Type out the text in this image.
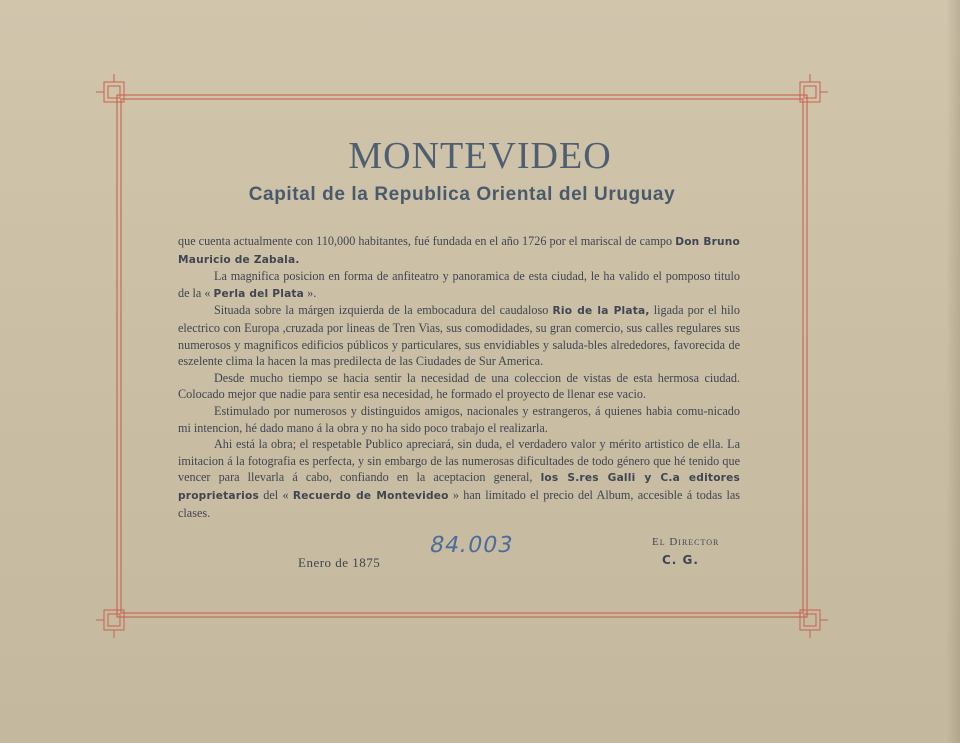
MONTEVIDEO
Capital de la Republica Oriental del Uruguay

que cuenta actualmente con 110,000 habitantes, fué fundada en el año 1726 por el mariscal de campo Don Bruno Mauricio de Zabala.

La magnifica posicion en forma de anfiteatro y panoramica de esta ciudad, le ha valido el pomposo titulo de la « Perla del Plata ».

Situada sobre la márgen izquierda de la embocadura del caudaloso Rio de la Plata, ligada por el hilo electrico con Europa ,cruzada por lineas de Tren Vias, sus comodidades, su gran comercio, sus calles regulares sus numerosos y magnificos edificios públicos y particulares, sus envidiables y saluda-bles alrededores, favorecida de eszelente clima la hacen la mas predilecta de las Ciudades de Sur America.

Desde mucho tiempo se hacia sentir la necesidad de una coleccion de vistas de esta hermosa ciudad. Colocado mejor que nadie para sentir esa necesidad, he formado el proyecto de llenar ese vacio.

Estimulado por numerosos y distinguidos amigos, nacionales y estrangeros, á quienes habia comu-nicado mi intencion, hé dado mano á la obra y no ha sido poco trabajo el realizarla.

Ahi está la obra; el respetable Publico apreciará, sin duda, el verdadero valor y mérito artistico de ella. La imitacion á la fotografia es perfecta, y sin embargo de las numerosas dificultades de todo género que hé tenido que vencer para llevarla á cabo, confiando en la aceptacion general, los S.res Galli y C.a editores proprietarios del « Recuerdo de Montevideo » han limitado el precio del Album, accesible á todas las clases.

Enero de 1875
84.003	El Director
C. G.
